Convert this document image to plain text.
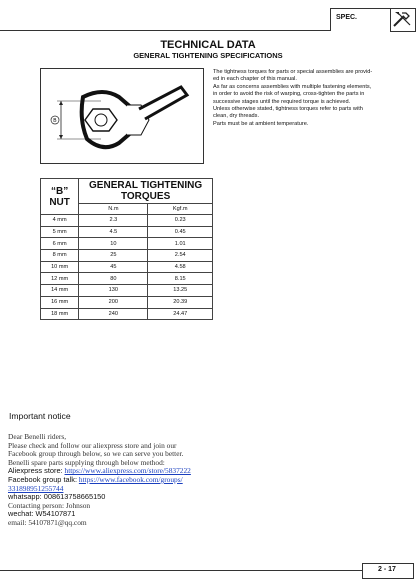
SPEC.
TECHNICAL DATA
GENERAL TIGHTENING SPECIFICATIONS
B
The tightness torques for parts or special assemblies are provid-
ed in each chapter of this manual.
As far as concerns assemblies with multiple fastening elements,
in order to avoid the risk of warping, cross-tighten the parts in
successive stages until the required torque is achieved.
Unless otherwise stated, tightness torques refer to parts with
clean, dry threads.
Parts must be at ambient temperature.
“B”
NUT	GENERAL TIGHTENING
TORQUES	
	N.m	Kgf.m
4 mm	2.3	0.23
5 mm	4.5	0.45
6 mm	10	1.01
8 mm	25	2.54
10 mm	45	4.58
12 mm	80	8.15
14 mm	130	13.25
16 mm	200	20.39
18 mm	240	24.47
Important notice
Dear Benelli riders,
Please check and follow our aliexpress store and join our
Facebook group through below, so we can serve you better.
Benelli spare parts supplying through below method:
Aliexpress store: https://www.aliexpress.com/store/5837222
Facebook group talk: https://www.facebook.com/groups/
331898951255744
whatsapp: 008613758665150
Contacting person: Johnson
wechat: W54107871
email: 54107871@qq.com
2 - 17
